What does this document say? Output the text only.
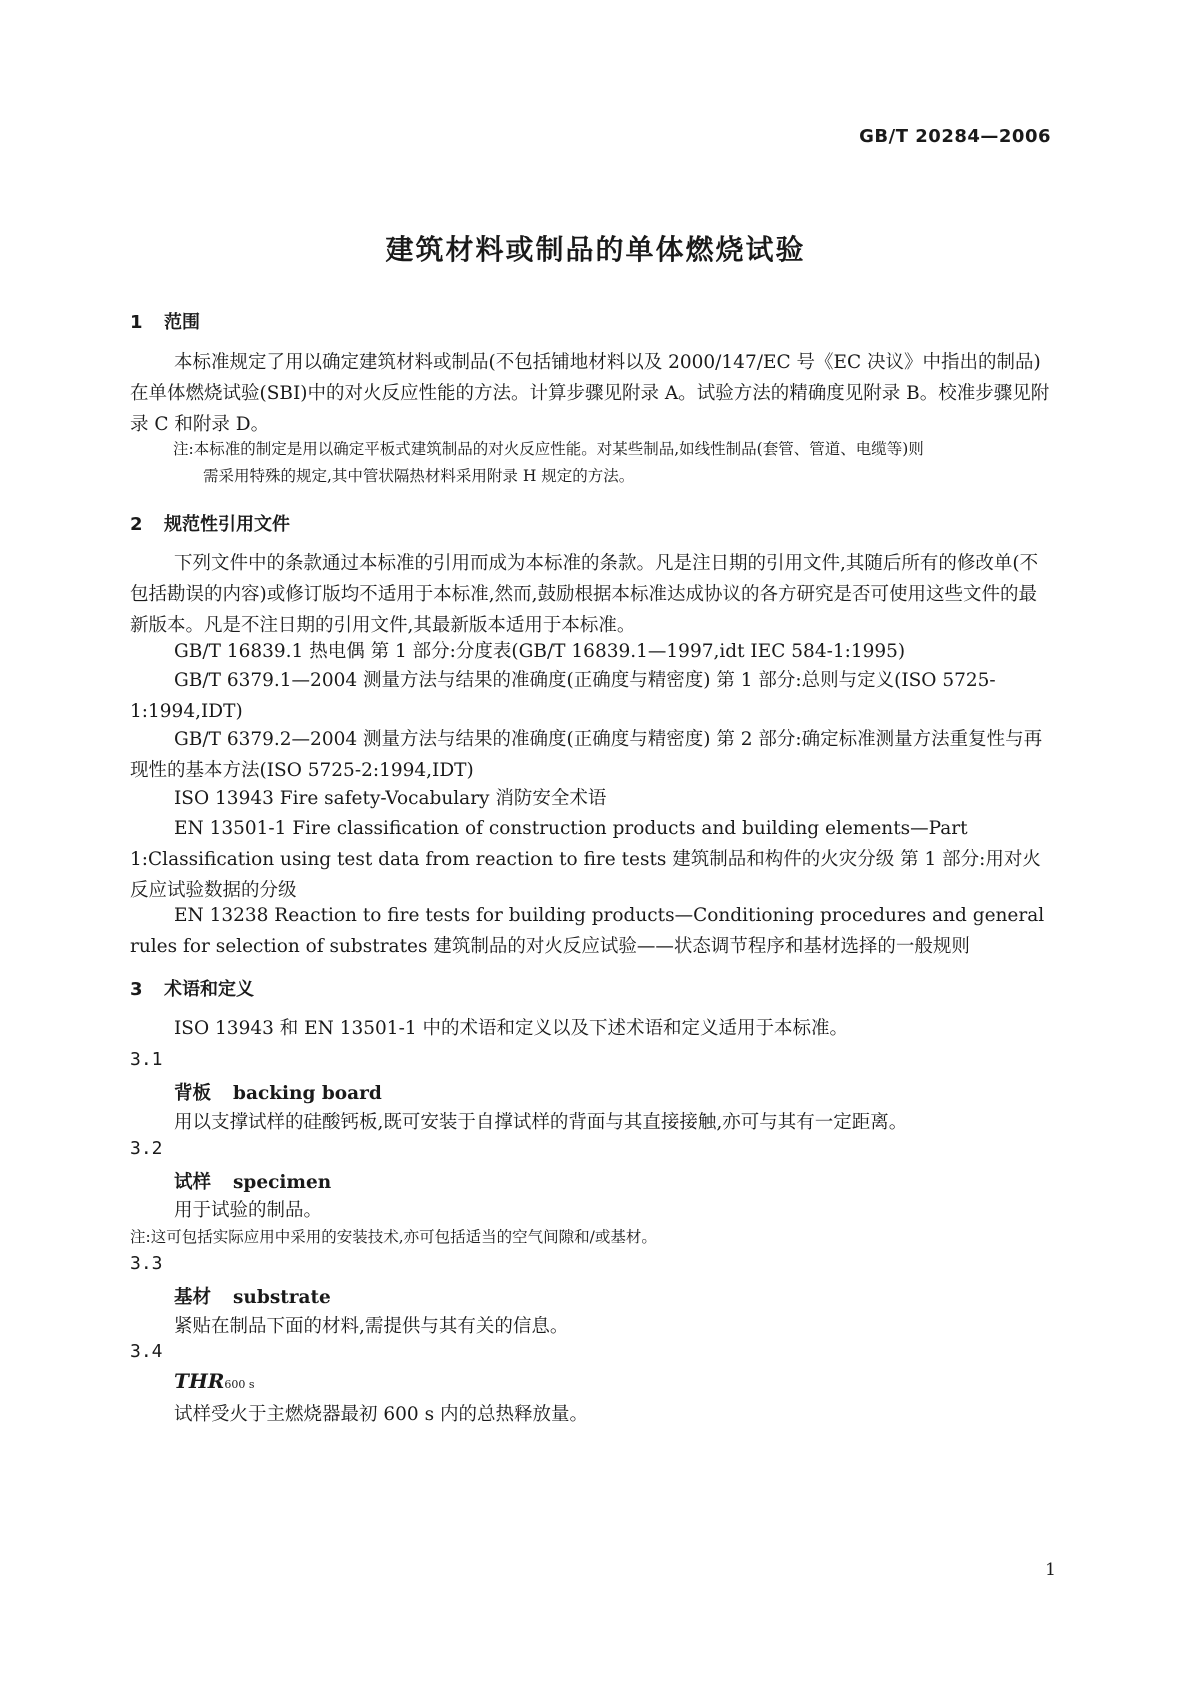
GB/T 20284—2006
建筑材料或制品的单体燃烧试验
1 范围
本标准规定了用以确定建筑材料或制品(不包括铺地材料以及 2000/147/EC 号《EC 决议》中指出的制品)在单体燃烧试验(SBI)中的对火反应性能的方法。计算步骤见附录 A。试验方法的精确度见附录 B。校准步骤见附录 C 和附录 D。
注:本标准的制定是用以确定平板式建筑制品的对火反应性能。对某些制品,如线性制品(套管、管道、电缆等)则
需采用特殊的规定,其中管状隔热材料采用附录 H 规定的方法。
2 规范性引用文件
下列文件中的条款通过本标准的引用而成为本标准的条款。凡是注日期的引用文件,其随后所有的修改单(不包括勘误的内容)或修订版均不适用于本标准,然而,鼓励根据本标准达成协议的各方研究是否可使用这些文件的最新版本。凡是不注日期的引用文件,其最新版本适用于本标准。
GB/T 16839.1 热电偶 第 1 部分:分度表(GB/T 16839.1—1997,idt IEC 584-1:1995)
GB/T 6379.1—2004 测量方法与结果的准确度(正确度与精密度) 第 1 部分:总则与定义(ISO 5725-1:1994,IDT)
GB/T 6379.2—2004 测量方法与结果的准确度(正确度与精密度) 第 2 部分:确定标准测量方法重复性与再现性的基本方法(ISO 5725-2:1994,IDT)
ISO 13943 Fire safety-Vocabulary 消防安全术语
EN 13501-1 Fire classification of construction products and building elements—Part 1:Classification using test data from reaction to fire tests 建筑制品和构件的火灾分级 第 1 部分:用对火反应试验数据的分级
EN 13238 Reaction to fire tests for building products—Conditioning procedures and general rules for selection of substrates 建筑制品的对火反应试验——状态调节程序和基材选择的一般规则
3 术语和定义
ISO 13943 和 EN 13501-1 中的术语和定义以及下述术语和定义适用于本标准。
3.1
背板 backing board
用以支撑试样的硅酸钙板,既可安装于自撑试样的背面与其直接接触,亦可与其有一定距离。
3.2
试样 specimen
用于试验的制品。
注:这可包括实际应用中采用的安装技术,亦可包括适当的空气间隙和/或基材。
3.3
基材 substrate
紧贴在制品下面的材料,需提供与其有关的信息。
3.4
THR600 s
试样受火于主燃烧器最初 600 s 内的总热释放量。
1
